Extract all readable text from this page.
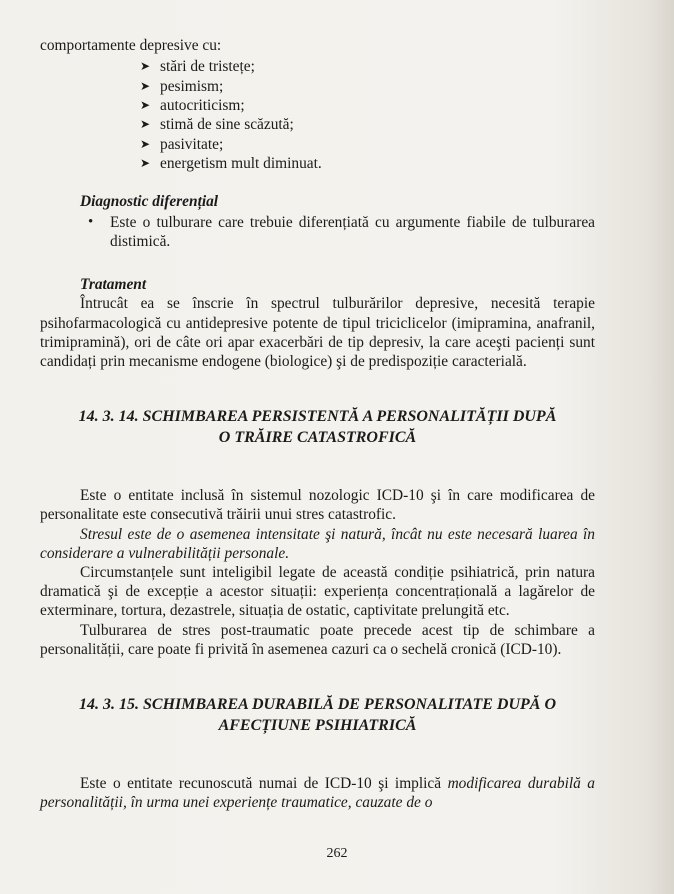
comportamente depresive cu:

➤ stări de tristețe;
➤ pesimism;
➤ autocriticism;
➤ stimă de sine scăzută;
➤ pasivitate;
➤ energetism mult diminuat.
Diagnostic diferențial

• Este o tulburare care trebuie diferențiată cu argumente fiabile de tulburarea distimică.

Tratament

Întrucât ea se înscrie în spectrul tulburărilor depresive, necesită terapie psihofarmacologică cu antidepresive potente de tipul triciclicelor (imipramina, anafranil, trimipramină), ori de câte ori apar exacerbări de tip depresiv, la care aceşti pacienți sunt candidați prin mecanisme endogene (biologice) şi de predispoziție caracterială.

14. 3. 14. SCHIMBAREA PERSISTENTĂ A PERSONALITĂȚII DUPĂ
O TRĂIRE CATASTROFICĂ

Este o entitate inclusă în sistemul nozologic ICD-10 şi în care modificarea de personalitate este consecutivă trăirii unui stres catastrofic.

Stresul este de o asemenea intensitate şi natură, încât nu este necesară luarea în considerare a vulnerabilității personale.

Circumstanțele sunt inteligibil legate de această condiție psihiatrică, prin natura dramatică şi de excepție a acestor situații: experiența concentrațională a lagărelor de exterminare, tortura, dezastrele, situația de ostatic, captivitate prelungită etc.

Tulburarea de stres post-traumatic poate precede acest tip de schimbare a personalității, care poate fi privită în asemenea cazuri ca o sechelă cronică (ICD-10).

14. 3. 15. SCHIMBAREA DURABILĂ DE PERSONALITATE DUPĂ O
AFECȚIUNE PSIHIATRICĂ

Este o entitate recunoscută numai de ICD-10 şi implică modificarea durabilă a personalității, în urma unei experiențe traumatice, cauzate de o

262
